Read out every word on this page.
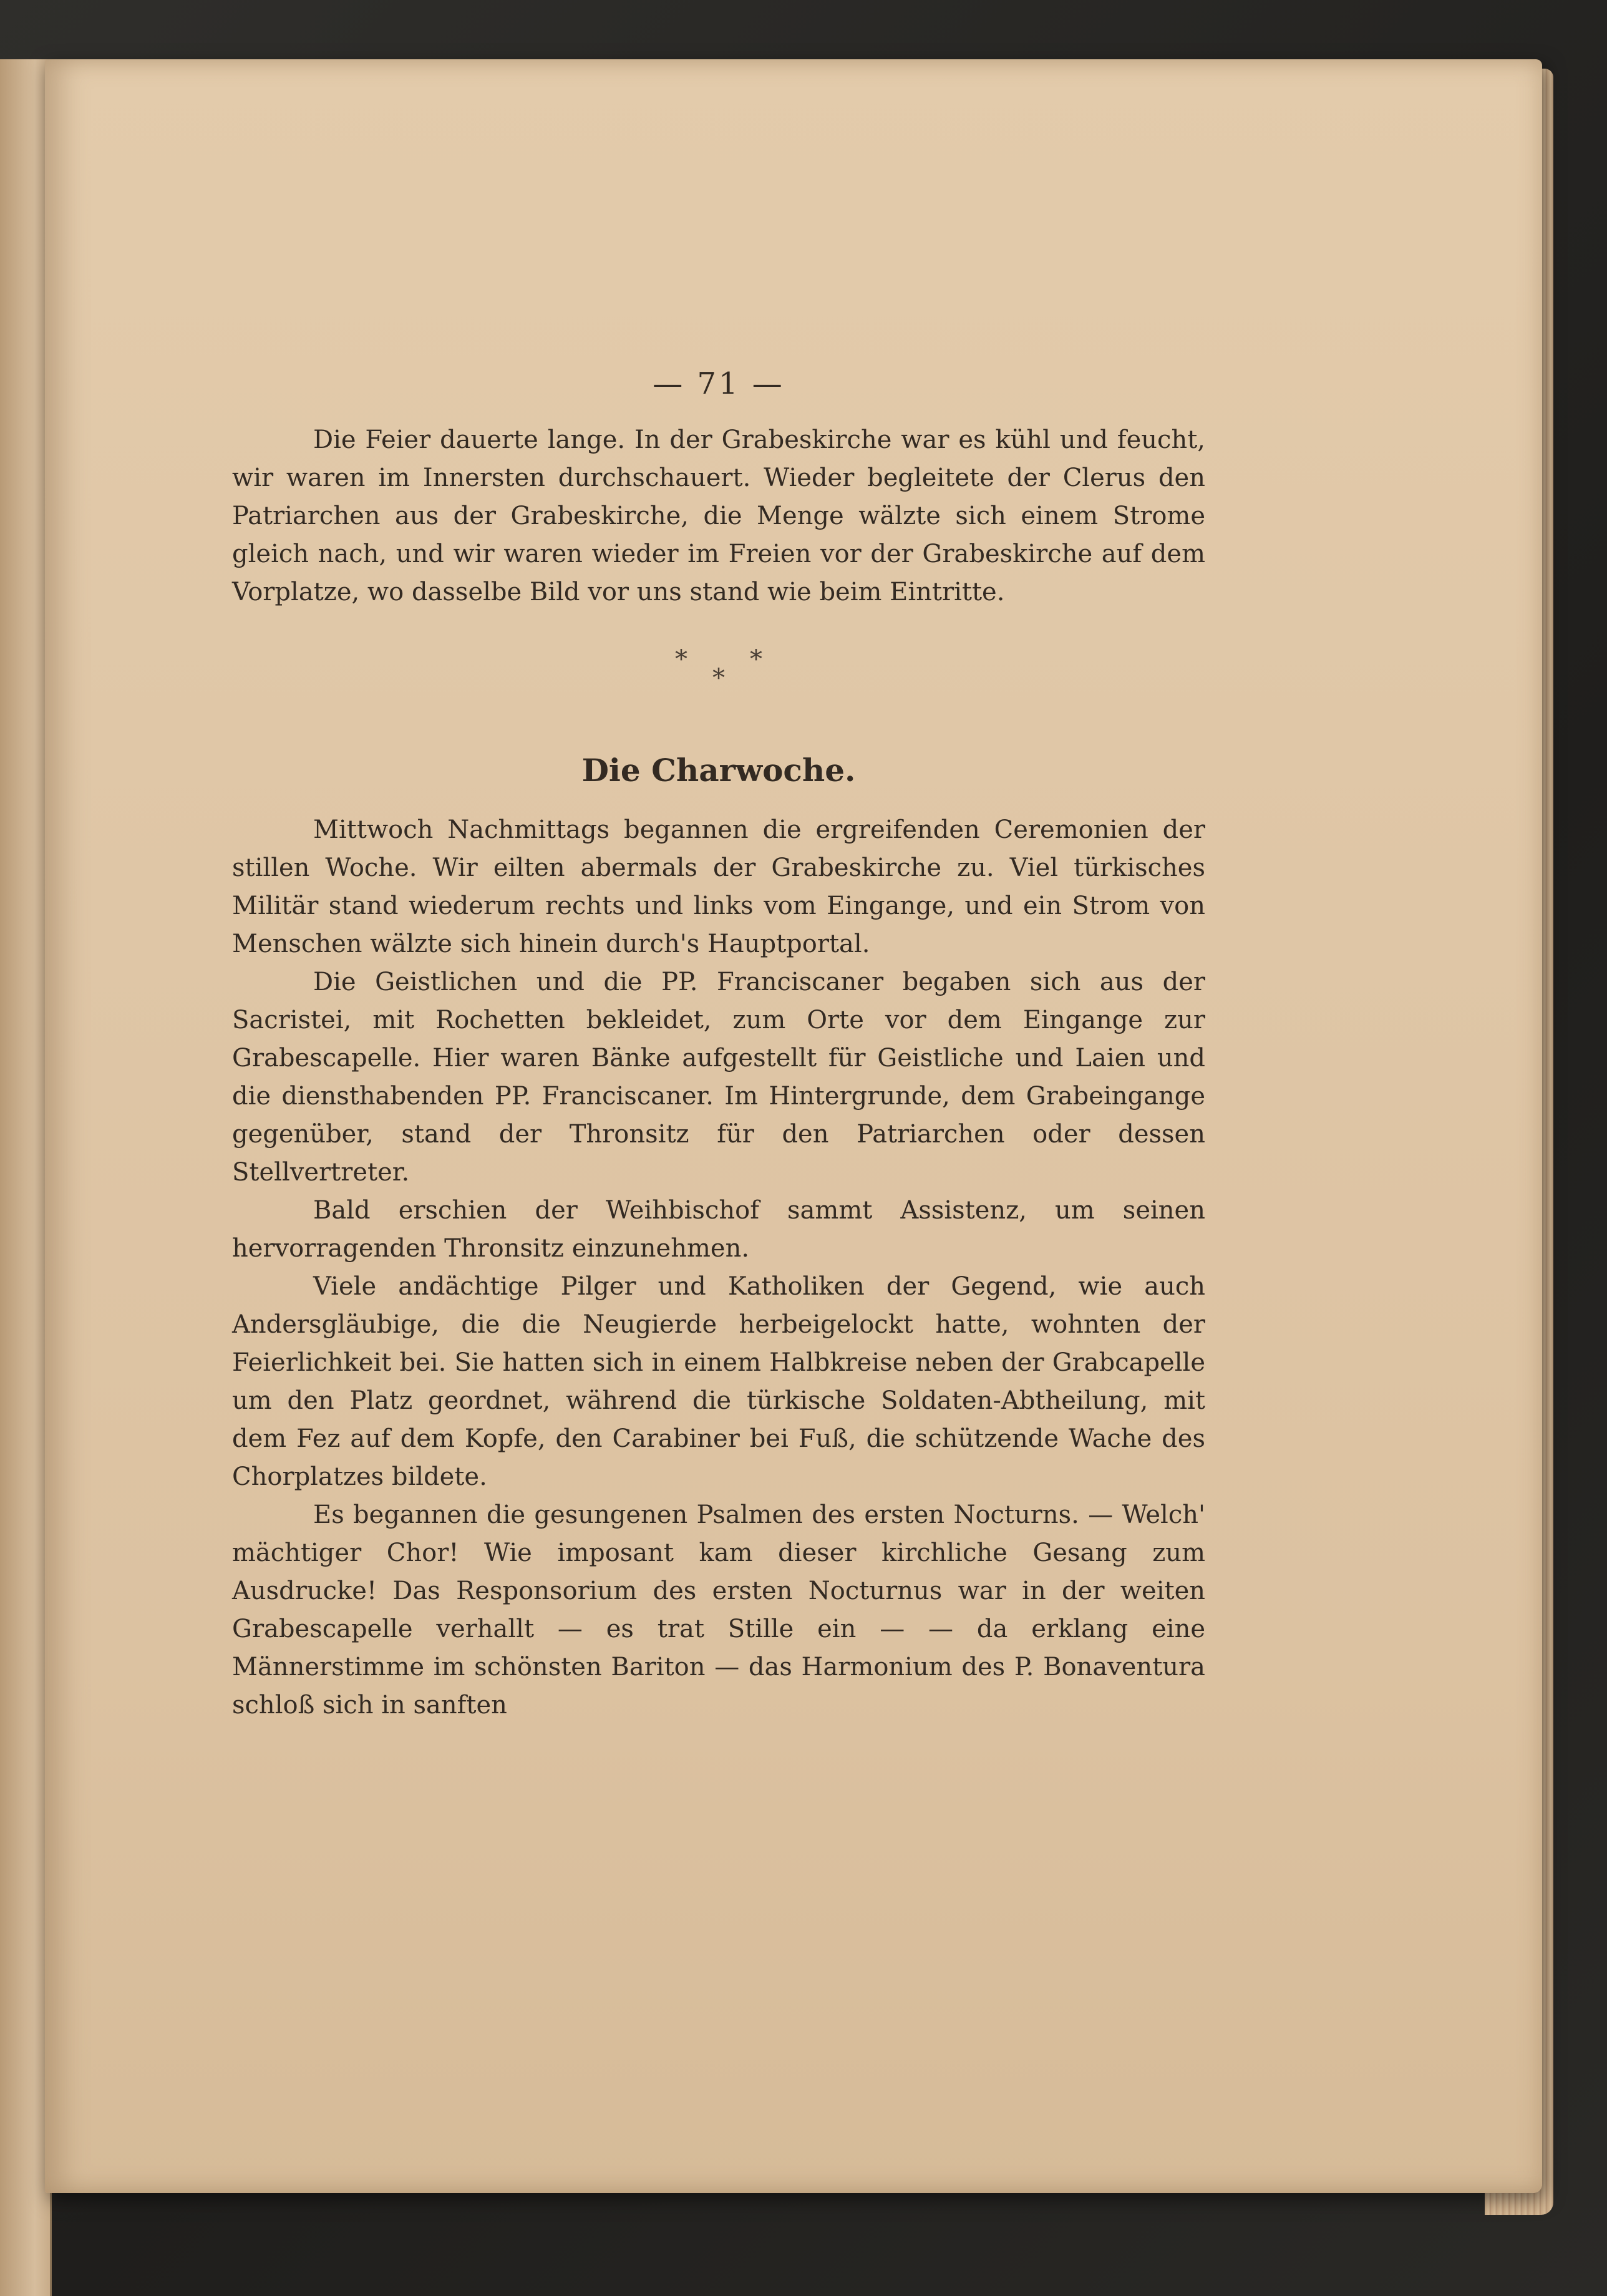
— 71 —

Die Feier dauerte lange. In der Grabeskirche war es kühl und feucht, wir waren im Innersten durchschauert. Wieder begleitete der Clerus den Patriarchen aus der Grabeskirche, die Menge wälzte sich einem Strome gleich nach, und wir waren wieder im Freien vor der Grabeskirche auf dem Vorplatze, wo dasselbe Bild vor uns stand wie beim Eintritte.

***
Die Charwoche.

Mittwoch Nachmittags begannen die ergreifenden Ceremonien der stillen Woche. Wir eilten abermals der Grabeskirche zu. Viel türkisches Militär stand wiederum rechts und links vom Eingange, und ein Strom von Menschen wälzte sich hinein durch's Hauptportal.

Die Geistlichen und die PP. Franciscaner begaben sich aus der Sacristei, mit Rochetten bekleidet, zum Orte vor dem Eingange zur Grabescapelle. Hier waren Bänke aufgestellt für Geistliche und Laien und die diensthabenden PP. Franciscaner. Im Hintergrunde, dem Grabeingange gegenüber, stand der Thronsitz für den Patriarchen oder dessen Stellvertreter.

Bald erschien der Weihbischof sammt Assistenz, um seinen hervorragenden Thronsitz einzunehmen.

Viele andächtige Pilger und Katholiken der Gegend, wie auch Andersgläubige, die die Neugierde herbeigelockt hatte, wohnten der Feierlichkeit bei. Sie hatten sich in einem Halbkreise neben der Grabcapelle um den Platz geordnet, während die türkische Soldaten-Abtheilung, mit dem Fez auf dem Kopfe, den Carabiner bei Fuß, die schützende Wache des Chorplatzes bildete.

Es begannen die gesungenen Psalmen des ersten Nocturns. — Welch' mächtiger Chor! Wie imposant kam dieser kirchliche Gesang zum Ausdrucke! Das Responsorium des ersten Nocturnus war in der weiten Grabescapelle verhallt — es trat Stille ein — — da erklang eine Männerstimme im schönsten Bariton — das Harmonium des P. Bonaventura schloß sich in sanften
